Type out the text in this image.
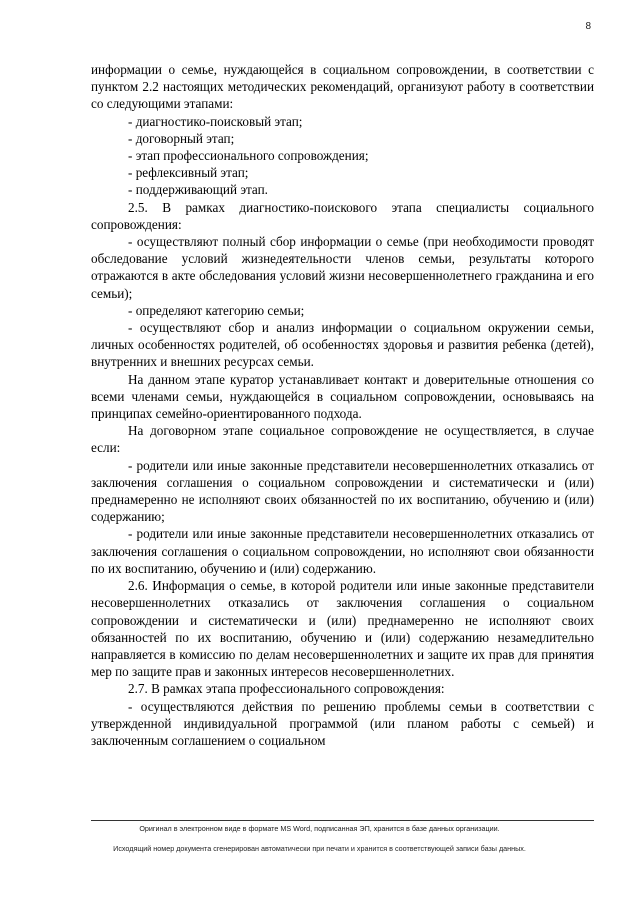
8

информации о семье, нуждающейся в социальном сопровождении, в соответствии с пунктом 2.2 настоящих методических рекомендаций, организуют работу в соответствии со следующими этапами:

- диагностико-поисковый этап;

- договорный этап;

- этап профессионального сопровождения;

- рефлексивный этап;

- поддерживающий этап.

2.5. В рамках диагностико-поискового этапа специалисты социального сопровождения:

- осуществляют полный сбор информации о семье (при необходимости проводят обследование условий жизнедеятельности членов семьи, результаты которого отражаются в акте обследования условий жизни несовершеннолетнего гражданина и его семьи);

- определяют категорию семьи;

- осуществляют сбор и анализ информации о социальном окружении семьи, личных особенностях родителей, об особенностях здоровья и развития ребенка (детей), внутренних и внешних ресурсах семьи.

На данном этапе куратор устанавливает контакт и доверительные отношения со всеми членами семьи, нуждающейся в социальном сопровождении, основываясь на принципах семейно-ориентированного подхода.

На договорном этапе социальное сопровождение не осуществляется, в случае если:

- родители или иные законные представители несовершеннолетних отказались от заключения соглашения о социальном сопровождении и систематически и (или) преднамеренно не исполняют своих обязанностей по их воспитанию, обучению и (или) содержанию;

- родители или иные законные представители несовершеннолетних отказались от заключения соглашения о социальном сопровождении, но исполняют свои обязанности по их воспитанию, обучению и (или) содержанию.

2.6. Информация о семье, в которой родители или иные законные представители несовершеннолетних отказались от заключения соглашения о социальном сопровождении и систематически и (или) преднамеренно не исполняют своих обязанностей по их воспитанию, обучению и (или) содержанию незамедлительно направляется в комиссию по делам несовершеннолетних и защите их прав для принятия мер по защите прав и законных интересов несовершеннолетних.

2.7. В рамках этапа профессионального сопровождения:

- осуществляются действия по решению проблемы семьи в соответствии с утвержденной индивидуальной программой (или планом работы с семьей) и заключенным соглашением о социальном

Оригинал в электронном виде в формате MS Word, подписанная ЭП, хранится в базе данных организации.
Исходящий номер документа сгенерирован автоматически при печати и хранится в соответствующей записи базы данных.
